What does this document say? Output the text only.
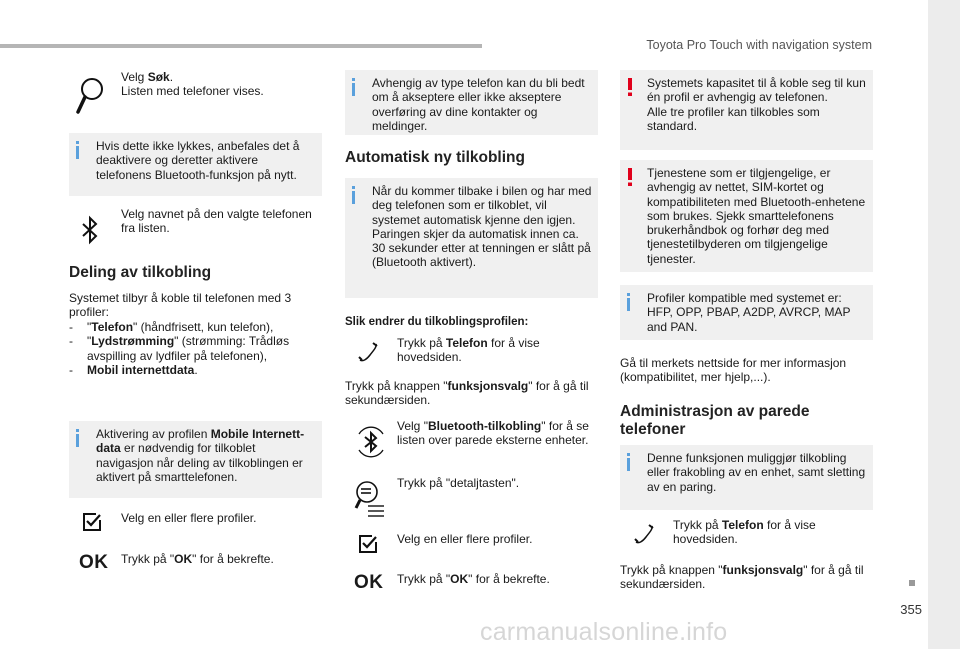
Toyota Pro Touch with navigation system
355
carmanualsonline.info
Velg Søk.
Listen med telefoner vises.
Hvis dette ikke lykkes, anbefales det å deaktivere og deretter aktivere telefonens Bluetooth-funksjon på nytt.
Velg navnet på den valgte telefonen fra listen.
Deling av tilkobling
Systemet tilbyr å koble til telefonen med 3 profiler:
- "Telefon" (håndfrisett, kun telefon),
- "Lydstrømming" (strømming: Trådløs
avspilling av lydfiler på telefonen),
- Mobil internettdata.
Aktivering av profilen Mobile Internett-data er nødvendig for tilkoblet navigasjon når deling av tilkoblingen er aktivert på smarttelefonen.
Velg en eller flere profiler.
OK Trykk på "OK" for å bekrefte.
Avhengig av type telefon kan du bli bedt om å akseptere eller ikke akseptere overføring av dine kontakter og meldinger.
Automatisk ny tilkobling
Når du kommer tilbake i bilen og har med deg telefonen som er tilkoblet, vil systemet automatisk kjenne den igjen. Paringen skjer da automatisk innen ca. 30 sekunder etter at tenningen er slått på (Bluetooth aktivert).
Slik endrer du tilkoblingsprofilen:
Trykk på Telefon for å vise hovedsiden.
Trykk på knappen "funksjonsvalg" for å gå til sekundærsiden.
Velg "Bluetooth-tilkobling" for å se listen over parede eksterne enheter.
Trykk på "detaljtasten".
Velg en eller flere profiler.
OK Trykk på "OK" for å bekrefte.
Systemets kapasitet til å koble seg til kun én profil er avhengig av telefonen.
Alle tre profiler kan tilkobles som standard.
Tjenestene som er tilgjengelige, er avhengig av nettet, SIM-kortet og kompatibiliteten med Bluetooth-enhetene som brukes. Sjekk smarttelefonens brukerhåndbok og forhør deg med tjenestetilbyderen om tilgjengelige tjenester.
Profiler kompatible med systemet er: HFP, OPP, PBAP, A2DP, AVRCP, MAP and PAN.
Gå til merkets nettside for mer informasjon (kompatibilitet, mer hjelp,...).
Administrasjon av parede telefoner
Denne funksjonen muliggjør tilkobling eller frakobling av en enhet, samt sletting av en paring.
Trykk på Telefon for å vise hovedsiden.
Trykk på knappen "funksjonsvalg" for å gå til sekundærsiden.
